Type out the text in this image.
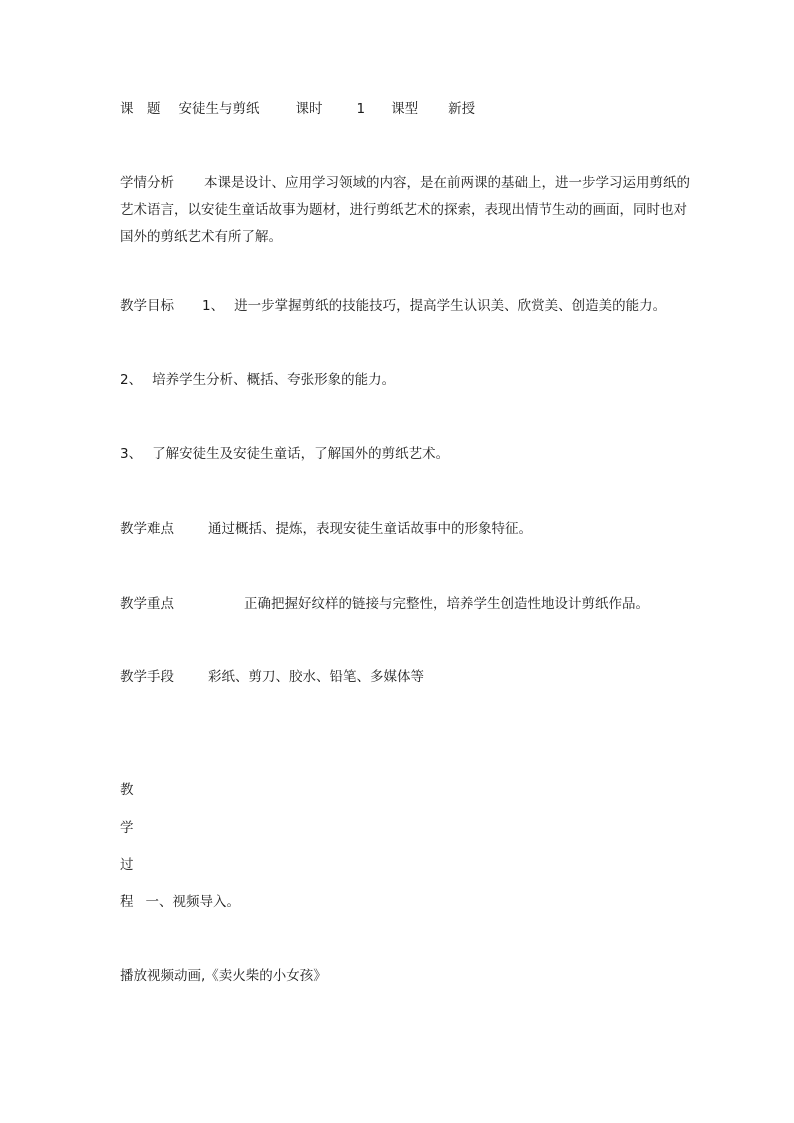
课　题 安徒生与剪纸	课时	1 课型 新授
学情分析 本课是设计、应用学习领域的内容，是在前两课的基础上，进一步学习运用剪纸的艺术语言，以安徒生童话故事为题材，进行剪纸艺术的探索，表现出情节生动的画面，同时也对国外的剪纸艺术有所了解。
教学目标 1、 进一步掌握剪纸的技能技巧，提高学生认识美、欣赏美、创造美的能力。
2、 培养学生分析、概括、夸张形象的能力。
3、 了解安徒生及安徒生童话，了解国外的剪纸艺术。
教学难点	通过概括、提炼，表现安徒生童话故事中的形象特征。
教学重点	正确把握好纹样的链接与完整性，培养学生创造性地设计剪纸作品。
教学手段	彩纸、剪刀、胶水、铅笔、多媒体等
教
学
过
程 一、视频导入。
播放视频动画,《卖火柴的小女孩》
